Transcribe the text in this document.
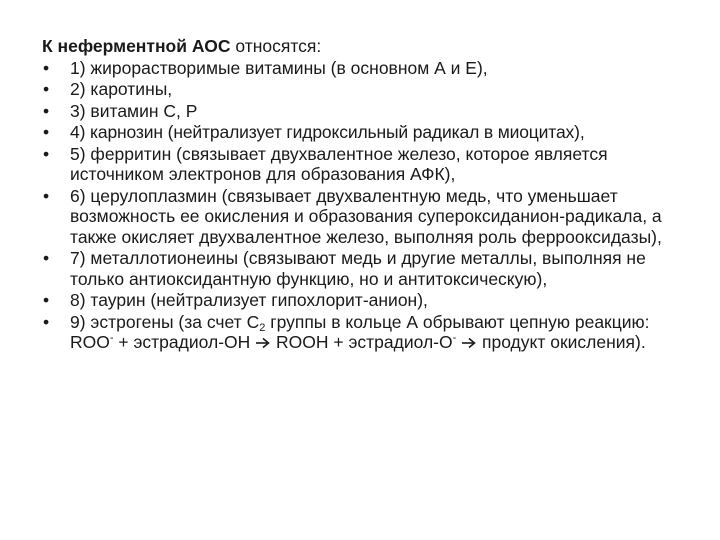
К неферментной АОС относятся:
• 1) жирорастворимые витамины (в основном А и Е),
• 2) каротины,
• 3) витамин С, Р
• 4) карнозин (нейтрализует гидроксильный радикал в миоцитах),
• 5) ферритин (связывает двухвалентное железо, которое является источником электронов для образования АФК),
• 6) церулоплазмин (связывает двухвалентную медь, что уменьшает возможность ее окисления и образования супероксиданион-радикала, а также окисляет двухвалентное железо, выполняя роль ферроокcидазы),
• 7) металлотионеины (связывают медь и другие металлы, выполняя не только антиоксидантную функцию, но и антитоксическую),
• 8) таурин (нейтрализует гипохлорит-анион),
• 9) эстрогены (за счет $С_2$ группы в кольце А обрывают цепную реакцию: ROO- + эстрадиол-OH  ROOH + эстрадиол-O-  продукт окисления).
